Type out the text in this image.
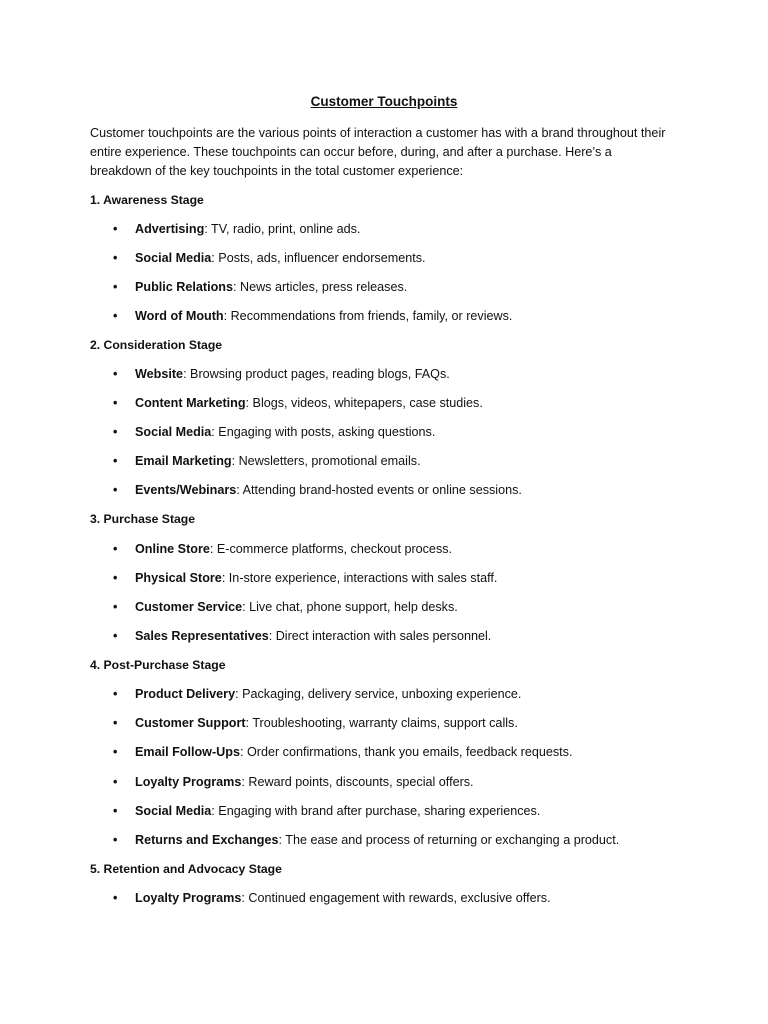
Customer Touchpoints

Customer touchpoints are the various points of interaction a customer has with a brand throughout their entire experience. These touchpoints can occur before, during, and after a purchase. Here’s a breakdown of the key touchpoints in the total customer experience:

1. Awareness Stage
•	Advertising: TV, radio, print, online ads.
•	Social Media: Posts, ads, influencer endorsements.
•	Public Relations: News articles, press releases.
•	Word of Mouth: Recommendations from friends, family, or reviews.
2. Consideration Stage
•	Website: Browsing product pages, reading blogs, FAQs.
•	Content Marketing: Blogs, videos, whitepapers, case studies.
•	Social Media: Engaging with posts, asking questions.
•	Email Marketing: Newsletters, promotional emails.
•	Events/Webinars: Attending brand-hosted events or online sessions.
3. Purchase Stage
•	Online Store: E-commerce platforms, checkout process.
•	Physical Store: In-store experience, interactions with sales staff.
•	Customer Service: Live chat, phone support, help desks.
•	Sales Representatives: Direct interaction with sales personnel.
4. Post-Purchase Stage
•	Product Delivery: Packaging, delivery service, unboxing experience.
•	Customer Support: Troubleshooting, warranty claims, support calls.
•	Email Follow-Ups: Order confirmations, thank you emails, feedback requests.
•	Loyalty Programs: Reward points, discounts, special offers.
•	Social Media: Engaging with brand after purchase, sharing experiences.
•	Returns and Exchanges: The ease and process of returning or exchanging a product.
5. Retention and Advocacy Stage
•	Loyalty Programs: Continued engagement with rewards, exclusive offers.
